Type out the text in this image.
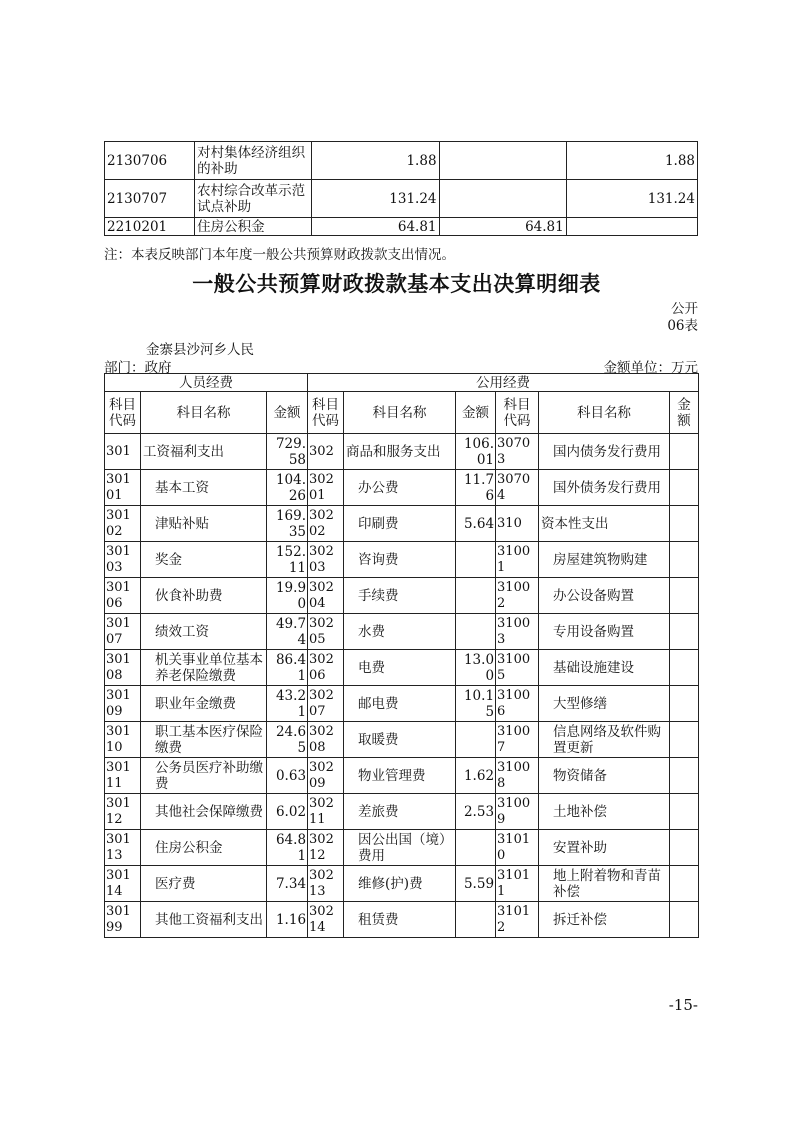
2130706	对村集体经济组织的补助	1.88		1.88
2130707	农村综合改革示范试点补助	131.24		131.24
2210201	住房公积金	64.81	64.81	
注：本表反映部门本年度一般公共预算财政拨款支出情况。
一般公共预算财政拨款基本支出决算明细表
公开06表
金寨县沙河乡人民
部门：政府	金额单位：万元
人员经费			公用经费					
科目代码	科目名称	金额	科目代码	科目名称	金额	科目代码	科目名称	金额
301	工资福利支出	729.58	302	商品和服务支出	106.01	30703	国内债务发行费用	
30101	基本工资	104.26	30201	办公费	11.76	30704	国外债务发行费用	
30102	津贴补贴	169.35	30202	印刷费	5.64	310	资本性支出	
30103	奖金	152.11	30203	咨询费		31001	房屋建筑物购建	
30106	伙食补助费	19.90	30204	手续费		31002	办公设备购置	
30107	绩效工资	49.74	30205	水费		31003	专用设备购置	
30108	机关事业单位基本养老保险缴费	86.41	30206	电费	13.00	31005	基础设施建设	
30109	职业年金缴费	43.21	30207	邮电费	10.15	31006	大型修缮	
30110	职工基本医疗保险缴费	24.65	30208	取暖费		31007	信息网络及软件购置更新	
30111	公务员医疗补助缴费	0.63	30209	物业管理费	1.62	31008	物资储备	
30112	其他社会保障缴费	6.02	30211	差旅费	2.53	31009	土地补偿	
30113	住房公积金	64.81	30212	因公出国（境）费用		31010	安置补助	
30114	医疗费	7.34	30213	维修(护)费	5.59	31011	地上附着物和青苗补偿	
30199	其他工资福利支出	1.16	30214	租赁费		31012	拆迁补偿	
-15-
